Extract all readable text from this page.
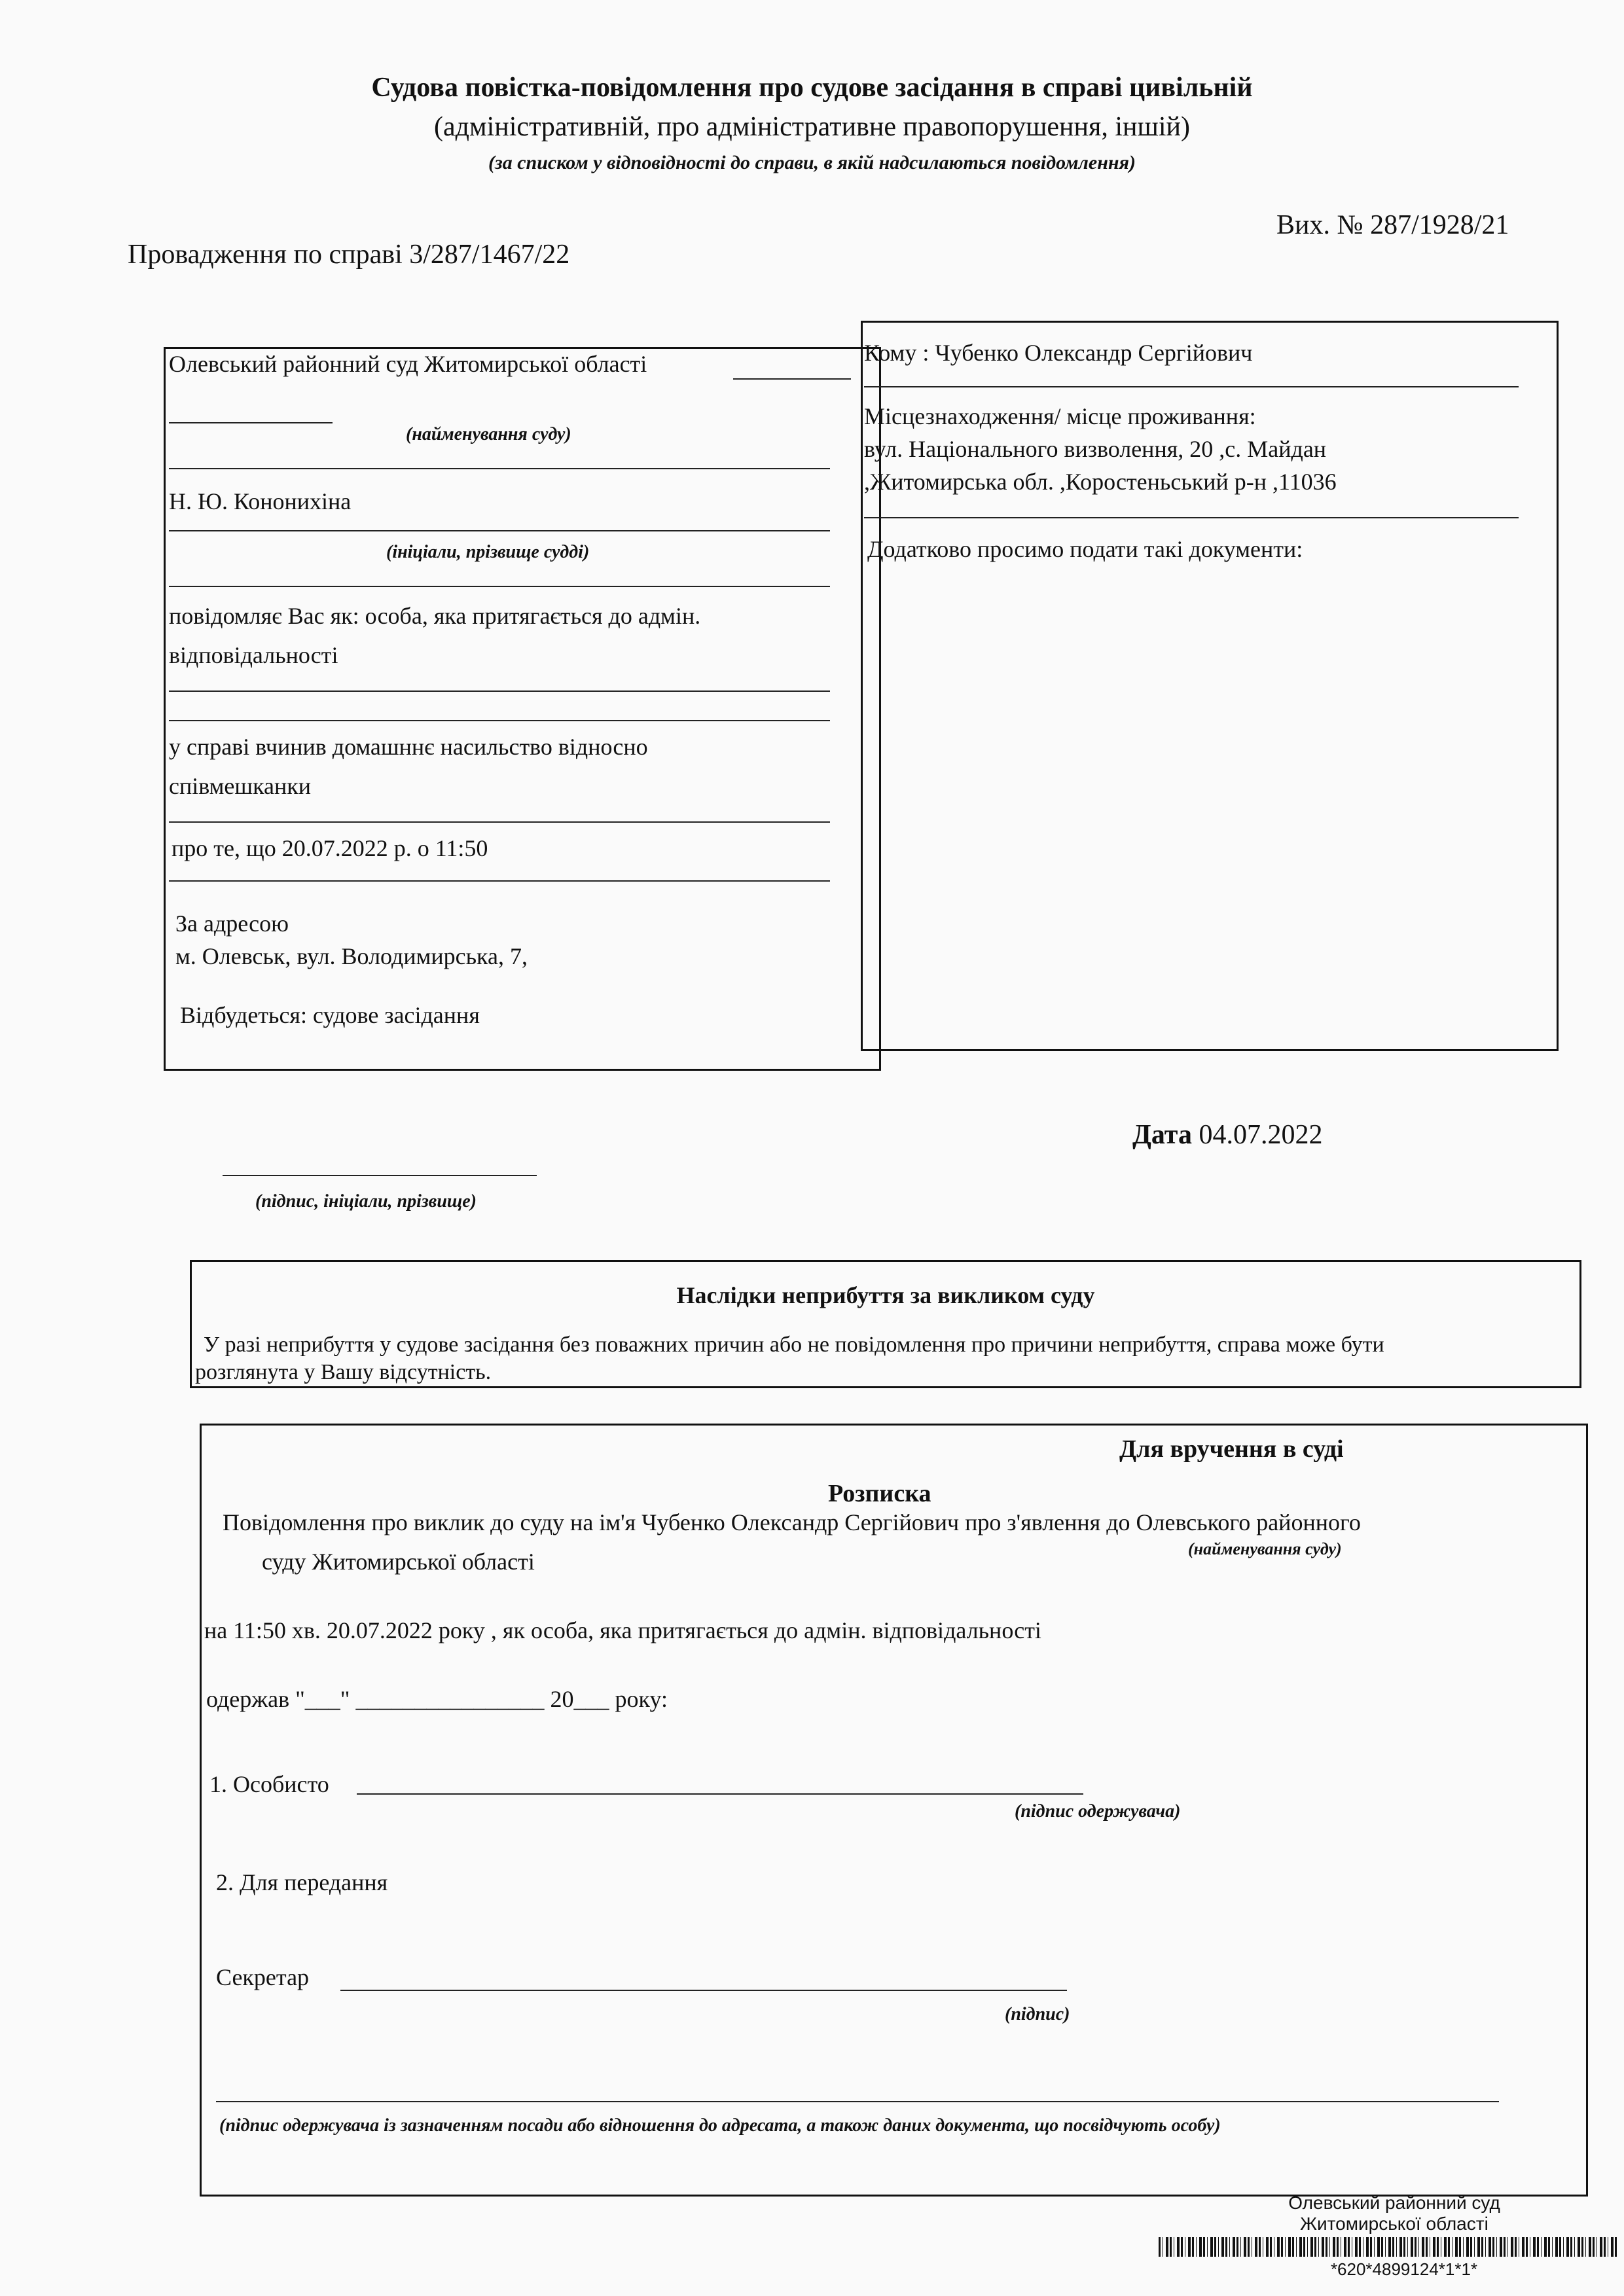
Судова повістка-повідомлення про судове засідання в справі цивільній
(адміністративній, про адміністративне правопорушення, іншій)
(за списком у відповідності до справи, в якій надсилаються повідомлення)
Провадження по справі 3/287/1467/22
Вих. № 287/1928/21
Олевський районний суд Житомирської області
(найменування суду)
Н. Ю. Кононихіна
(ініціали, прізвище судді)
повідомляє Вас як: особа, яка притягається до адмін.
відповідальності
у справі вчинив домашннє насильство відносно
співмешканки
про те, що 20.07.2022 р. о 11:50
За адресою
м. Олевськ, вул. Володимирська, 7,
Відбудеться: судове засідання
Кому : Чубенко Олександр Сергійович
Місцезнаходження/ місце проживання:
вул. Національного визволення, 20 ,с. Майдан
,Житомирська обл. ,Коростеньський р-н ,11036
Додатково просимо подати такі документи:
Дата 04.07.2022
(підпис, ініціали, прізвище)
Наслідки неприбуття за викликом суду
У разі неприбуття у судове засідання без поважних причин або не повідомлення про причини неприбуття, справа може бути
розглянута у Вашу відсутність.
Для вручення в суді
Розписка
Повідомлення про виклик до суду на ім'я Чубенко Олександр Сергійович про з'явлення до Олевського районного
(найменування суду)
суду Житомирської області
на 11:50 хв. 20.07.2022 року , як особа, яка притягається до адмін. відповідальності
одержав "___" ________________ 20___ року:
1. Особисто
(підпис одержувача)
2. Для передання
Секретар
(підпис)
(підпис одержувача із зазначенням посади або відношення до адресата, а також даних документа, що посвідчують особу)
Олевський районний суд
Житомирської області
*620*4899124*1*1*
